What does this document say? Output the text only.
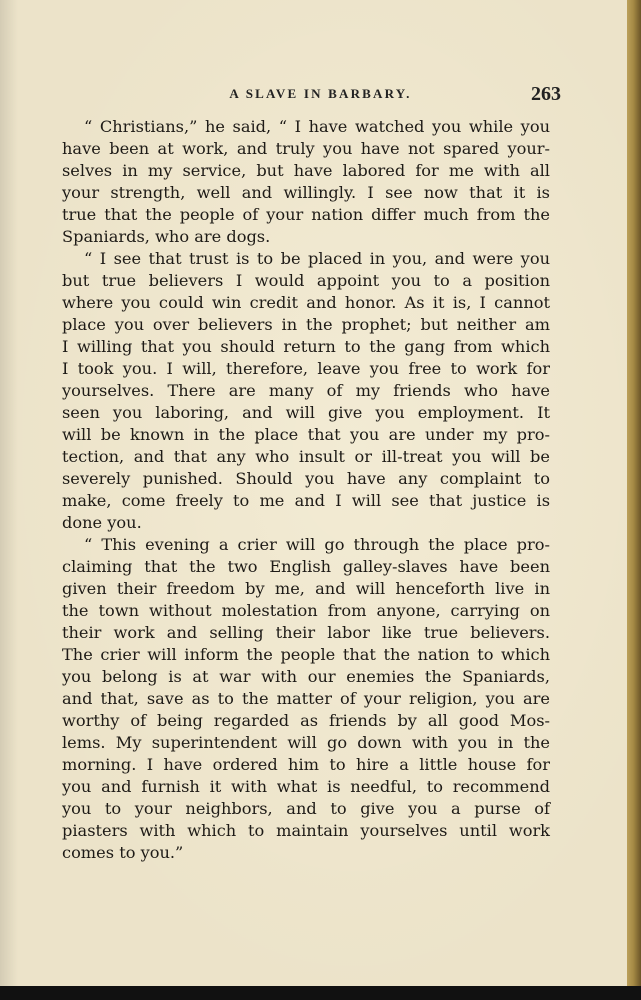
A SLAVE IN BARBARY.	263
“ Christians,” he said, “ I have watched you while you
have been at work, and truly you have not spared your-
selves in my service, but have labored for me with all
your strength, well and willingly. I see now that it is
true that the people of your nation differ much from the
Spaniards, who are dogs.
“ I see that trust is to be placed in you, and were you
but true believers I would appoint you to a position
where you could win credit and honor. As it is, I cannot
place you over believers in the prophet; but neither am
I willing that you should return to the gang from which
I took you. I will, therefore, leave you free to work for
yourselves. There are many of my friends who have
seen you laboring, and will give you employment. It
will be known in the place that you are under my pro-
tection, and that any who insult or ill-treat you will be
severely punished. Should you have any complaint to
make, come freely to me and I will see that justice is
done you.
“ This evening a crier will go through the place pro-
claiming that the two English galley-slaves have been
given their freedom by me, and will henceforth live in
the town without molestation from anyone, carrying on
their work and selling their labor like true believers.
The crier will inform the people that the nation to which
you belong is at war with our enemies the Spaniards,
and that, save as to the matter of your religion, you are
worthy of being regarded as friends by all good Mos-
lems. My superintendent will go down with you in the
morning. I have ordered him to hire a little house for
you and furnish it with what is needful, to recommend
you to your neighbors, and to give you a purse of
piasters with which to maintain yourselves until work
comes to you.”
